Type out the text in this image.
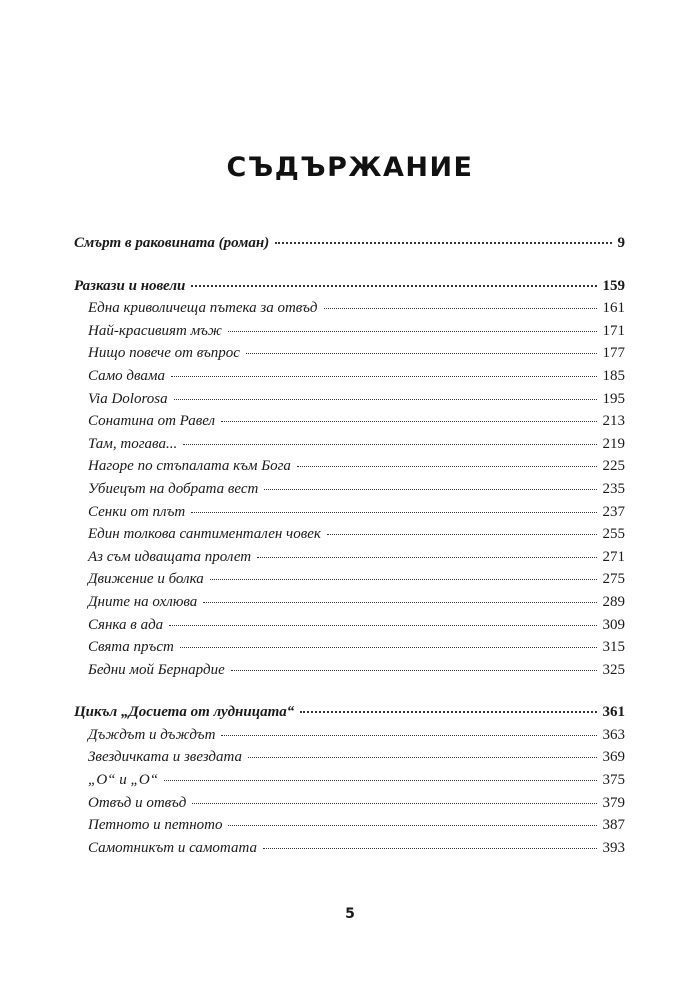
СЪДЪРЖАНИЕ
Смърт в раковината (роман)	9
Разкази и новели	159
Една криволичеща пътека за отвъд	161
Най-красивият мъж	171
Нищо повече от въпрос	177
Само двама	185
Via Dolorosa	195
Сонатина от Равел	213
Там, тогава...	219
Нагоре по стъпалата към Бога	225
Убиецът на добрата вест	235
Сенки от плът	237
Един толкова сантиментален човек	255
Аз съм идващата пролет	271
Движение и болка	275
Дните на охлюва	289
Сянка в ада	309
Свята пръст	315
Бедни мой Бернардие	325
Цикъл „Досиета от лудницата“	361
Дъждът и дъждът	363
Звездичката и звездата	369
„О“ и „О“	375
Отвъд и отвъд	379
Петното и петното	387
Самотникът и самотата	393
5
